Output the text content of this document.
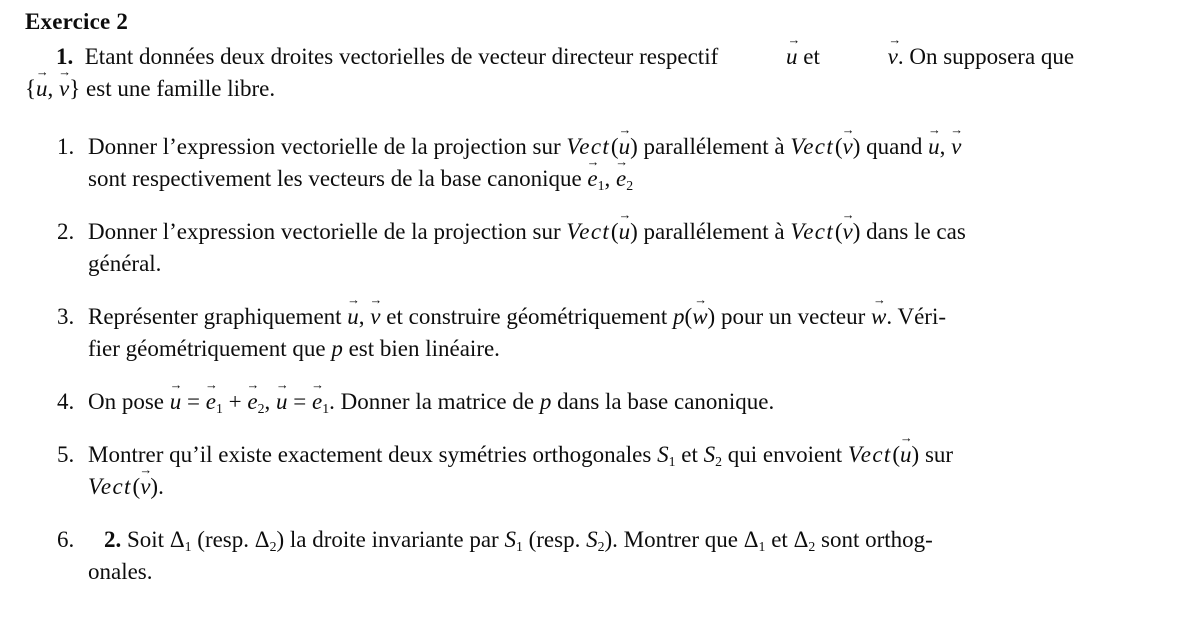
Exercice 2
1.  Etant données deux droites vectorielles de vecteur directeur respectif
→
u et
→
v. On supposera que
{
→
u,
→
v} est une famille libre.
1. Donner l’expression vectorielle de la projection sur Vect(
→
u) parallélement à Vect(
→
v) quand
→
u,
→
v
sont respectivement les vecteurs de la base canonique
→
$e_1$,
→
$e_2$
2. Donner l’expression vectorielle de la projection sur Vect(
→
u) parallélement à Vect(
→
v) dans le cas
général.
3. Représenter graphiquement
→
u,
→
v et construire géométriquement p(
→
w) pour un vecteur
→
w. Véri-
fier géométriquement que p est bien linéaire.
4. On pose
→
u =
→
$e_1$ +
→
$e_2$,
→
u =
→
$e_1$. Donner la matrice de p dans la base canonique.
5. Montrer qu’il existe exactement deux symétries orthogonales $S_1$ et $S_2$ qui envoient Vect(
→
u) sur
Vect(
→
v).
6.	2. Soit $\Delta_1$ (resp. $\Delta_2$) la droite invariante par $S_1$ (resp. $S_2$). Montrer que $\Delta_1$ et $\Delta_2$ sont orthog-
onales.
